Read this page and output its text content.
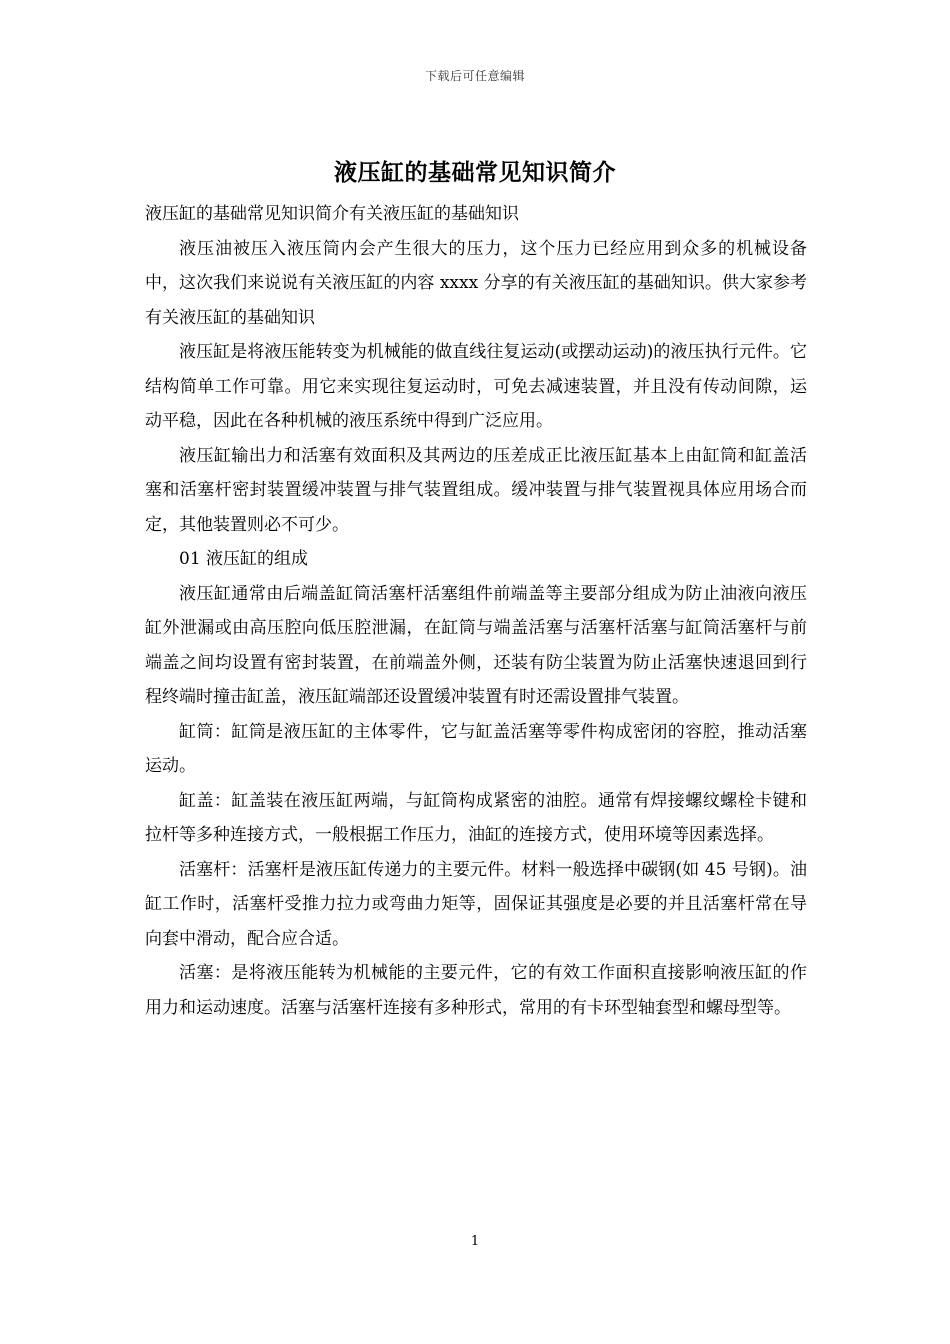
下载后可任意编辑
液压缸的基础常见知识简介

液压缸的基础常见知识简介有关液压缸的基础知识

液压油被压入液压筒内会产生很大的压力，这个压力已经应用到众多的机械设备中，这次我们来说说有关液压缸的内容 xxxx 分享的有关液压缸的基础知识。供大家参考有关液压缸的基础知识

液压缸是将液压能转变为机械能的做直线往复运动(或摆动运动)的液压执行元件。它结构简单工作可靠。用它来实现往复运动时，可免去减速装置，并且没有传动间隙，运动平稳，因此在各种机械的液压系统中得到广泛应用。

液压缸输出力和活塞有效面积及其两边的压差成正比液压缸基本上由缸筒和缸盖活塞和活塞杆密封装置缓冲装置与排气装置组成。缓冲装置与排气装置视具体应用场合而定，其他装置则必不可少。

01 液压缸的组成

液压缸通常由后端盖缸筒活塞杆活塞组件前端盖等主要部分组成为防止油液向液压缸外泄漏或由高压腔向低压腔泄漏，在缸筒与端盖活塞与活塞杆活塞与缸筒活塞杆与前端盖之间均设置有密封装置，在前端盖外侧，还装有防尘装置为防止活塞快速退回到行程终端时撞击缸盖，液压缸端部还设置缓冲装置有时还需设置排气装置。

缸筒：缸筒是液压缸的主体零件，它与缸盖活塞等零件构成密闭的容腔，推动活塞运动。

缸盖：缸盖装在液压缸两端，与缸筒构成紧密的油腔。通常有焊接螺纹螺栓卡键和拉杆等多种连接方式，一般根据工作压力，油缸的连接方式，使用环境等因素选择。

活塞杆：活塞杆是液压缸传递力的主要元件。材料一般选择中碳钢(如 45 号钢)。油缸工作时，活塞杆受推力拉力或弯曲力矩等，固保证其强度是必要的并且活塞杆常在导向套中滑动，配合应合适。

活塞：是将液压能转为机械能的主要元件，它的有效工作面积直接影响液压缸的作用力和运动速度。活塞与活塞杆连接有多种形式，常用的有卡环型轴套型和螺母型等。

1
